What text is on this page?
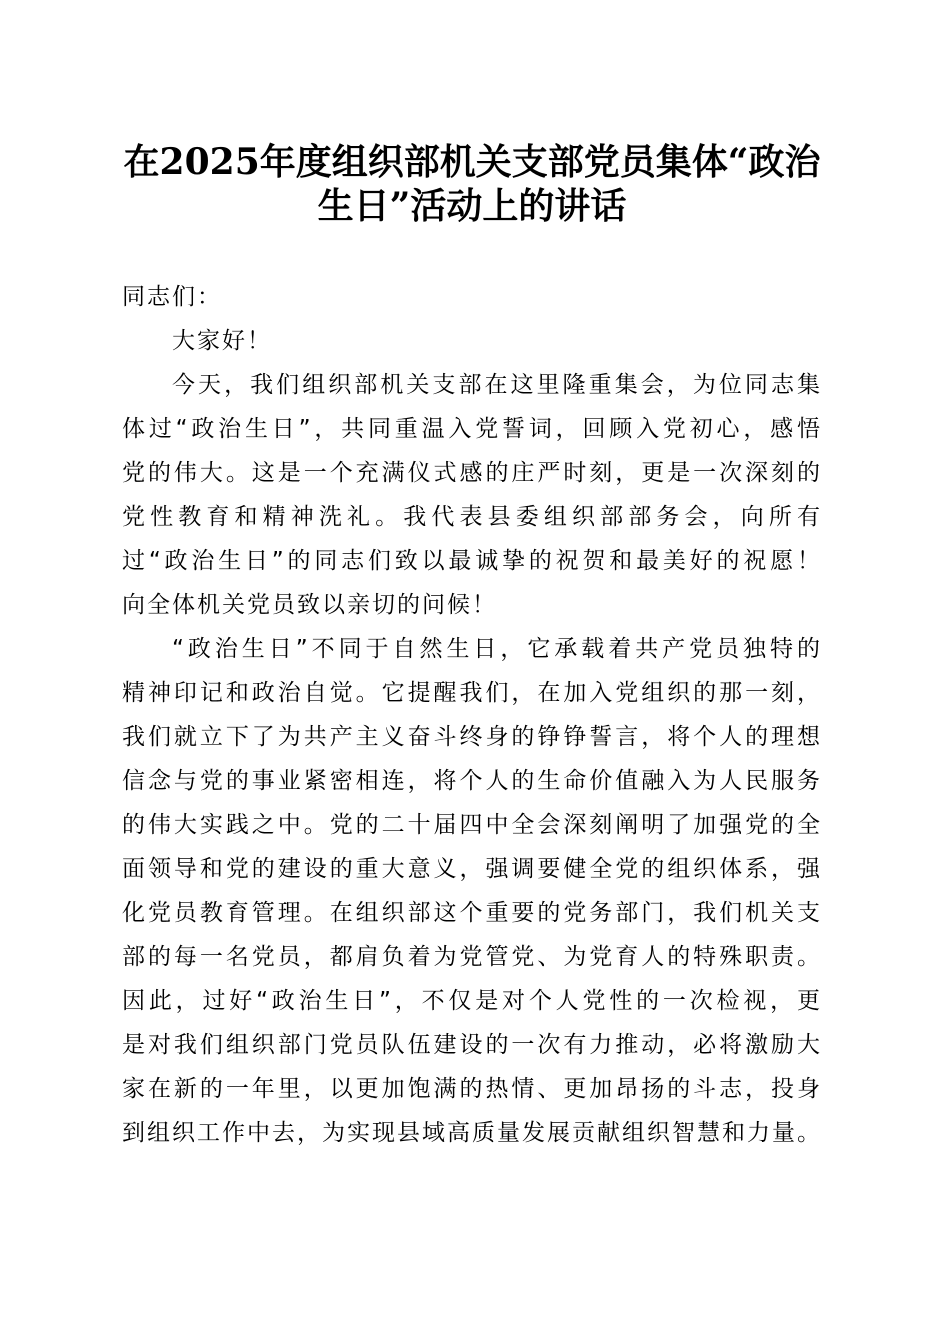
在2025年度组织部机关支部党员集体“政治
生日”活动上的讲话

同志们：

大家好！

今天，我们组织部机关支部在这里隆重集会，为位同志集
体过“政治生日”，共同重温入党誓词，回顾入党初心，感悟
党的伟大。这是一个充满仪式感的庄严时刻，更是一次深刻的
党性教育和精神洗礼。我代表县委组织部部务会，向所有
过“政治生日”的同志们致以最诚挚的祝贺和最美好的祝愿！
向全体机关党员致以亲切的问候！
“政治生日”不同于自然生日，它承载着共产党员独特的
精神印记和政治自觉。它提醒我们，在加入党组织的那一刻，
我们就立下了为共产主义奋斗终身的铮铮誓言，将个人的理想
信念与党的事业紧密相连，将个人的生命价值融入为人民服务
的伟大实践之中。党的二十届四中全会深刻阐明了加强党的全
面领导和党的建设的重大意义，强调要健全党的组织体系，强
化党员教育管理。在组织部这个重要的党务部门，我们机关支
部的每一名党员，都肩负着为党管党、为党育人的特殊职责。
因此，过好“政治生日”，不仅是对个人党性的一次检视，更
是对我们组织部门党员队伍建设的一次有力推动，必将激励大
家在新的一年里，以更加饱满的热情、更加昂扬的斗志，投身
到组织工作中去，为实现县域高质量发展贡献组织智慧和力量。
